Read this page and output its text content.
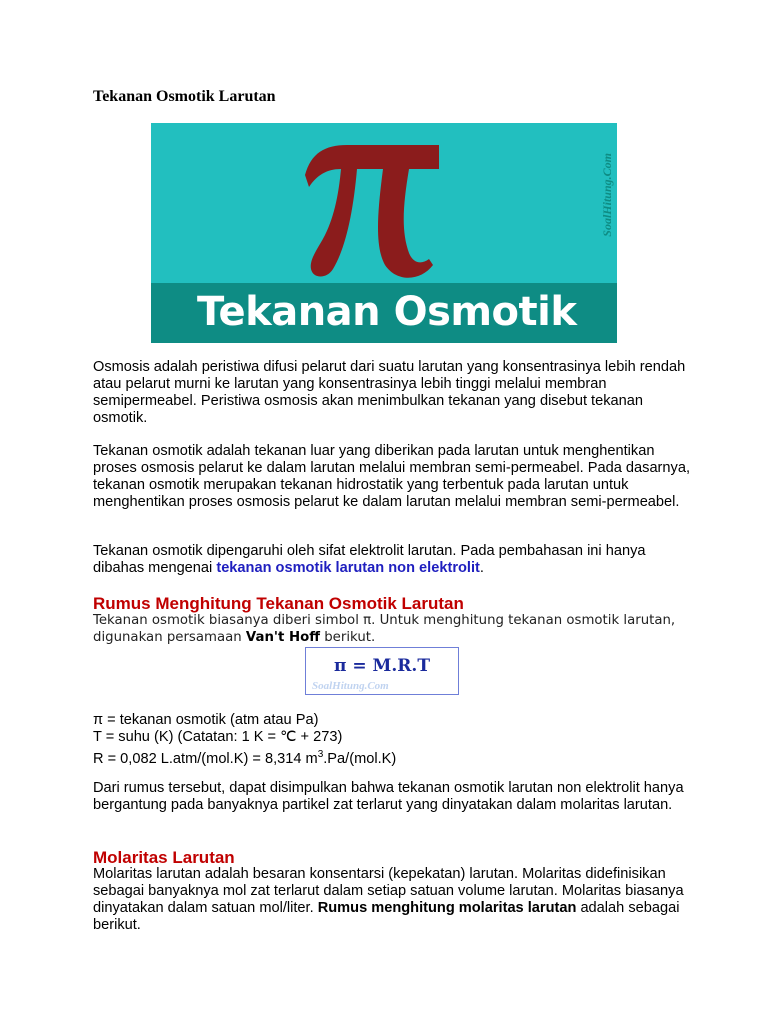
Tekanan Osmotik Larutan
SoalHitung.Com
Tekanan Osmotik

Osmosis adalah peristiwa difusi pelarut dari suatu larutan yang konsentrasinya lebih rendah atau pelarut murni ke larutan yang konsentrasinya lebih tinggi melalui membran semipermeabel. Peristiwa osmosis akan menimbulkan tekanan yang disebut tekanan osmotik.

Tekanan osmotik adalah tekanan luar yang diberikan pada larutan untuk menghentikan proses osmosis pelarut ke dalam larutan melalui membran semi-permeabel. Pada dasarnya, tekanan osmotik merupakan tekanan hidrostatik yang terbentuk pada larutan untuk menghentikan proses osmosis pelarut ke dalam larutan melalui membran semi-permeabel.

Tekanan osmotik dipengaruhi oleh sifat elektrolit larutan. Pada pembahasan ini hanya dibahas mengenai tekanan osmotik larutan non elektrolit.

Rumus Menghitung Tekanan Osmotik Larutan

Tekanan osmotik biasanya diberi simbol π. Untuk menghitung tekanan osmotik larutan, digunakan persamaan Van't Hoff berikut.

π = M.R.T
SoalHitung.Com
π = tekanan osmotik (atm atau Pa)
T = suhu (K) (Catatan: 1 K = ℃ + 273)
R = 0,082 L.atm/(mol.K) = 8,314 $m^3.Pa/(mol.K)$

Dari rumus tersebut, dapat disimpulkan bahwa tekanan osmotik larutan non elektrolit hanya bergantung pada banyaknya partikel zat terlarut yang dinyatakan dalam molaritas larutan.

Molaritas Larutan

Molaritas larutan adalah besaran konsentarsi (kepekatan) larutan. Molaritas didefinisikan sebagai banyaknya mol zat terlarut dalam setiap satuan volume larutan. Molaritas biasanya dinyatakan dalam satuan mol/liter. Rumus menghitung molaritas larutan adalah sebagai berikut.
